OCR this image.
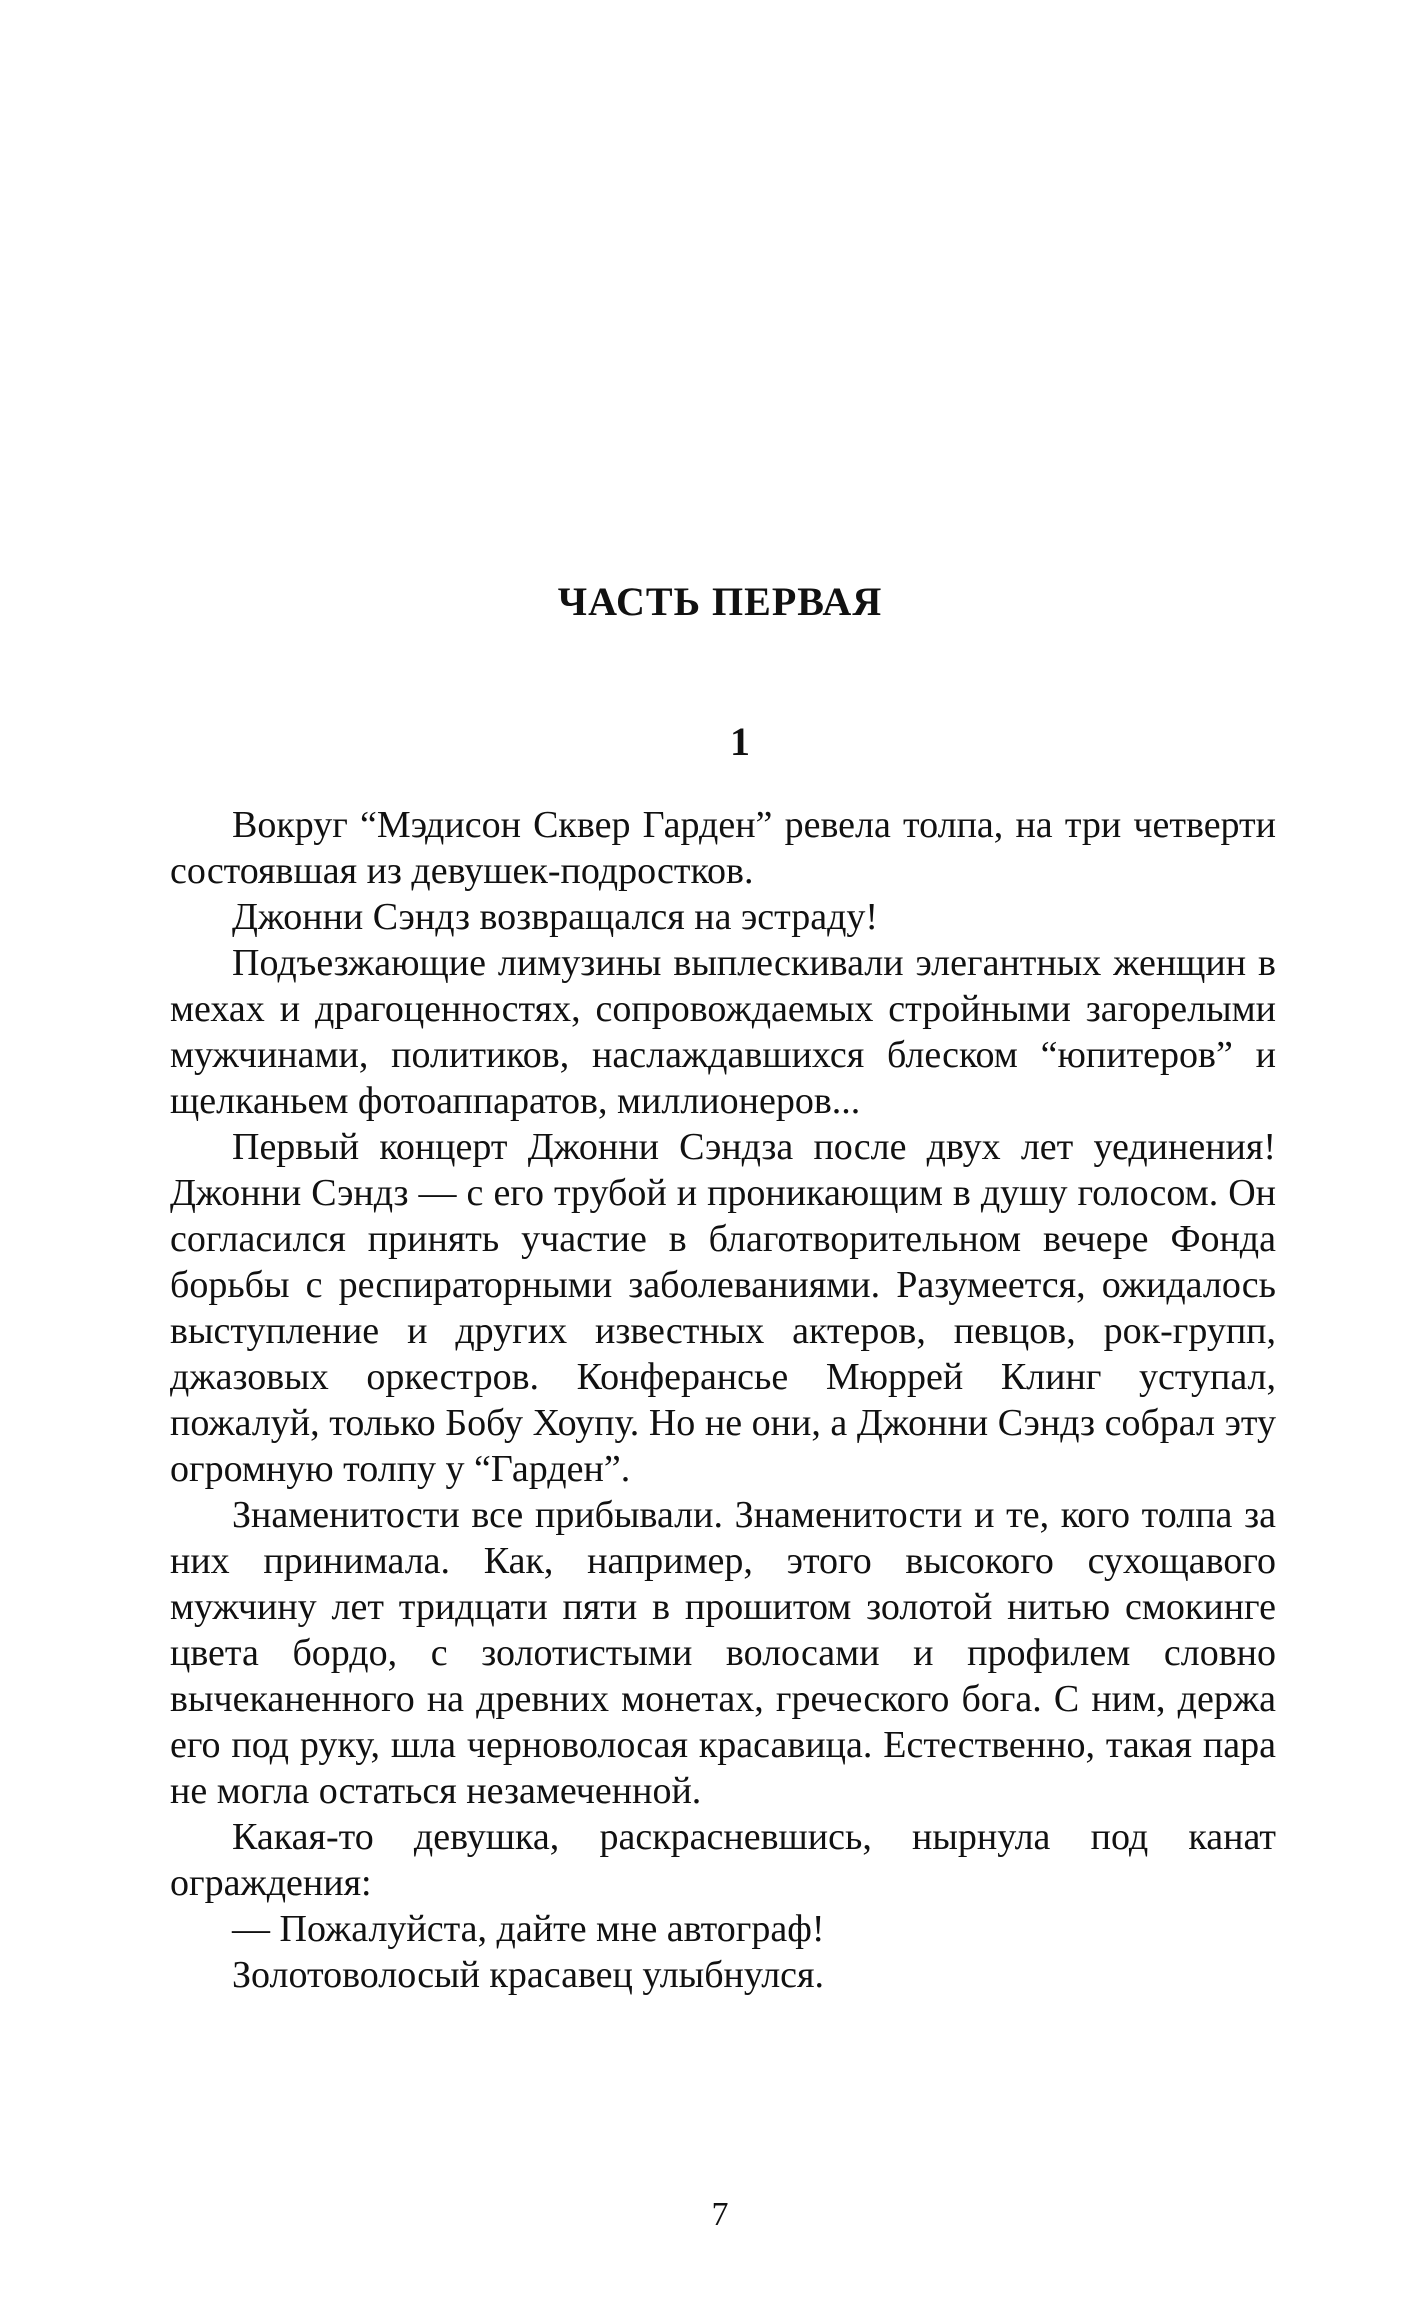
ЧАСТЬ ПЕРВАЯ
1

Вокруг “Мэдисон Сквер Гарден” ревела толпа, на три четверти состоявшая из девушек-подростков.

Джонни Сэндз возвращался на эстраду!

Подъезжающие лимузины выплескивали элегантных женщин в мехах и драгоценностях, сопровождаемых стройными загорелыми мужчинами, политиков, наслаждавшихся блеском “юпитеров” и щелканьем фотоаппаратов, миллионеров...

Первый концерт Джонни Сэндза после двух лет уединения! Джонни Сэндз — с его трубой и проникающим в душу голосом. Он согласился принять участие в благотворительном вечере Фонда борьбы с респираторными заболеваниями. Разумеется, ожидалось выступление и других известных актеров, певцов, рок-групп, джазовых оркестров. Конферансье Мюррей Клинг уступал, пожалуй, только Бобу Хоупу. Но не они, а Джонни Сэндз собрал эту огромную толпу у “Гарден”.

Знаменитости все прибывали. Знаменитости и те, кого толпа за них принимала. Как, например, этого высокого сухощавого мужчину лет тридцати пяти в прошитом золотой нитью смокинге цвета бордо, с золотистыми волосами и профилем словно вычеканенного на древних монетах, греческого бога. С ним, держа его под руку, шла черноволосая красавица. Естественно, такая пара не могла остаться незамеченной.

Какая-то девушка, раскрасневшись, нырнула под канат ограждения:

— Пожалуйста, дайте мне автограф!

Золотоволосый красавец улыбнулся.

7
